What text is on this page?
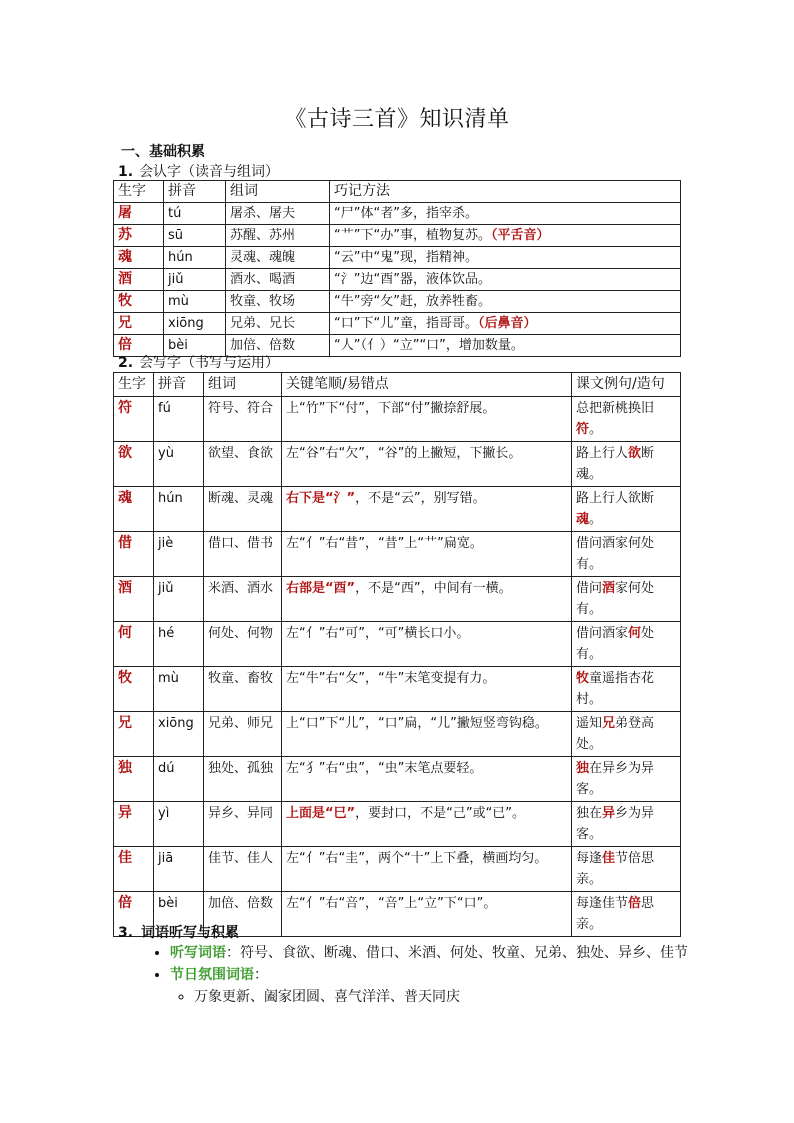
《古诗三首》知识清单
一、基础积累
1. 会认字（读音与组词）
生字	拼音	组词	巧记方法
屠	tú	屠杀、屠夫	“尸”体“者”多，指宰杀。
苏	sū	苏醒、苏州	“艹”下“办”事，植物复苏。（平舌音）
魂	hún	灵魂、魂魄	“云”中“鬼”现，指精神。
酒	jiǔ	酒水、喝酒	“氵”边“酉”器，液体饮品。
牧	mù	牧童、牧场	“牛”旁“攵”赶，放养牲畜。
兄	xiōng	兄弟、兄长	“口”下“儿”童，指哥哥。（后鼻音）
倍	bèi	加倍、倍数	“人”（亻）“立”“口”，增加数量。
2. 会写字（书写与运用）
生字	拼音	组词	关键笔顺/易错点	课文例句/造句
符	fú	符号、符合	上“竹”下“付”，下部“付”撇捺舒展。	总把新桃换旧符。
欲	yù	欲望、食欲	左“谷”右“欠”，“谷”的上撇短，下撇长。	路上行人欲断魂。
魂	hún	断魂、灵魂	右下是“氵”，不是“云”，别写错。	路上行人欲断魂。
借	jiè	借口、借书	左“亻”右“昔”，“昔”上“艹”扁宽。	借问酒家何处有。
酒	jiǔ	米酒、酒水	右部是“酉”，不是“西”，中间有一横。	借问酒家何处有。
何	hé	何处、何物	左“亻”右“可”，“可”横长口小。	借问酒家何处有。
牧	mù	牧童、畜牧	左“牛”右“攵”，“牛”末笔变提有力。	牧童遥指杏花村。
兄	xiōng	兄弟、师兄	上“口”下“儿”，“口”扁，“儿”撇短竖弯钩稳。	遥知兄弟登高处。
独	dú	独处、孤独	左“犭”右“虫”，“虫”末笔点要轻。	独在异乡为异客。
异	yì	异乡、异同	上面是“巳”，要封口，不是“己”或“已”。	独在异乡为异客。
佳	jiā	佳节、佳人	左“亻”右“圭”，两个“十”上下叠，横画均匀。	每逢佳节倍思亲。
倍	bèi	加倍、倍数	左“亻”右“咅”，“咅”上“立”下“口”。	每逢佳节倍思亲。
3. 词语听写与积累
• 听写词语：符号、食欲、断魂、借口、米酒、何处、牧童、兄弟、独处、异乡、佳节
• 节日氛围词语：
◦ 万象更新、阖家团圆、喜气洋洋、普天同庆
